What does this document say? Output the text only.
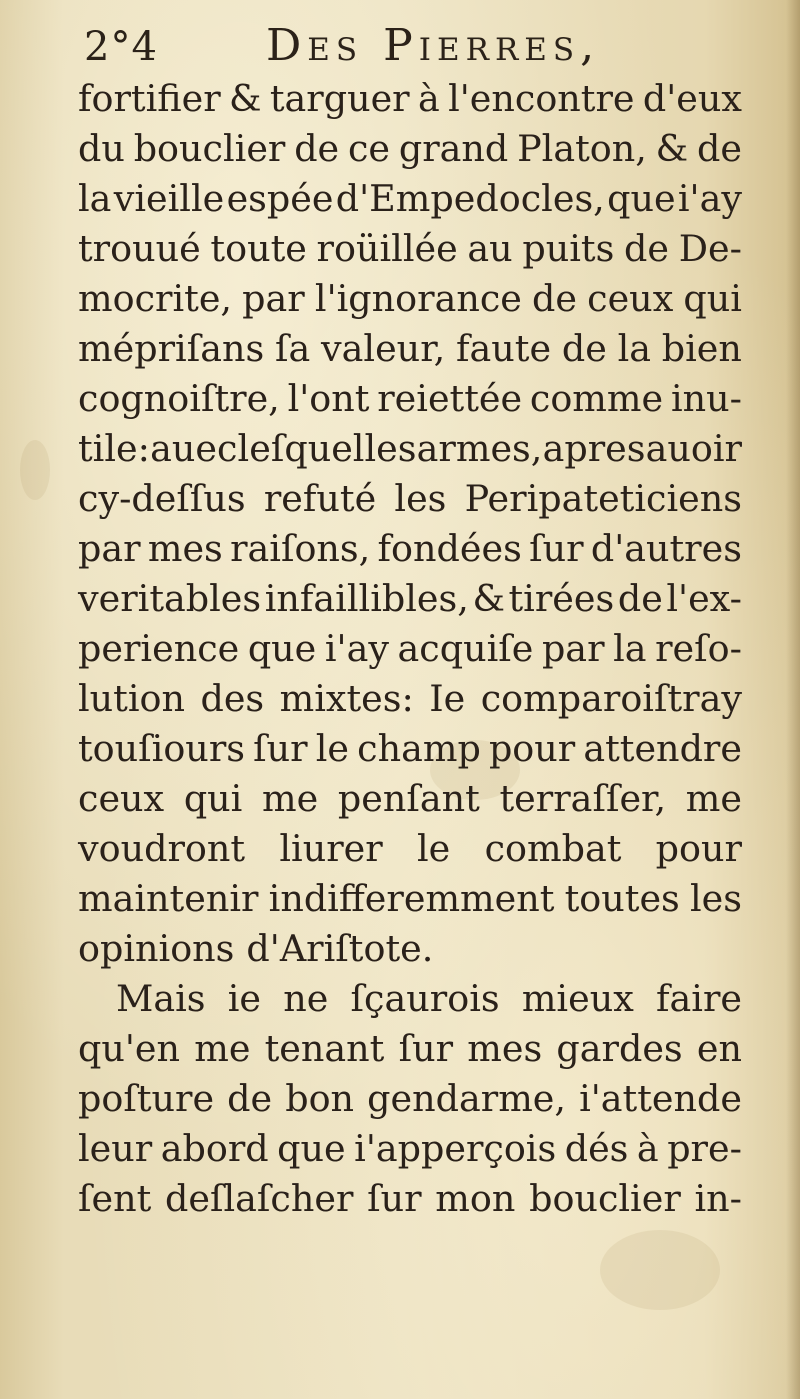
2°4 Des Pierres,
fortifier & targuer à l'encontre d'eux
du bouclier de ce grand Platon, & de
la vieille espée d'Empedocles, que i'ay
trouué toute roüillée au puits de De-
mocrite, par l'ignorance de ceux qui
mépriſans ſa valeur, faute de la bien
cognoiſtre, l'ont reiettée comme inu-
tile: auec leſquelles armes, apres auoir
cy-deſſus refuté les Peripateticiens
par mes raiſons, fondées ſur d'autres
veritables infaillibles, & tirées de l'ex-
perience que i'ay acquiſe par la reſo-
lution des mixtes: Ie comparoiſtray
touſiours ſur le champ pour attendre
ceux qui me penſant terraſſer, me
voudront liurer le combat pour
maintenir indifferemment toutes les
opinions d'Ariſtote.
Mais ie ne ſçaurois mieux faire
qu'en me tenant ſur mes gardes en
poſture de bon gendarme, i'attende
leur abord que i'apperçois dés à pre-
ſent deſlaſcher ſur mon bouclier in-
